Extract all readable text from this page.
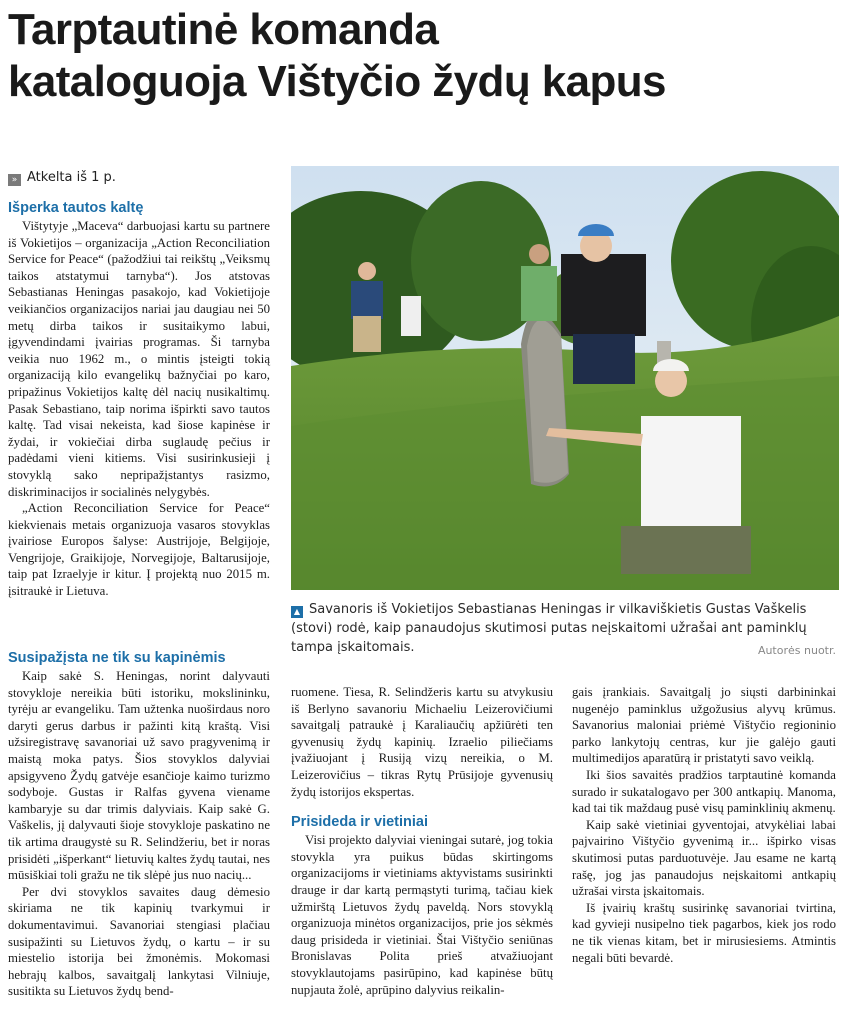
Tarptautinė komanda
kataloguoja Vištyčio žydų kapus
» Atkelta iš 1 p.
Išperka tautos kaltę

Vištytyje „Maceva“ darbuojasi kartu su partnere iš Vokietijos – organizacija „Action Reconciliation Service for Peace“ (pažodžiui tai reikštų „Veiksmų taikos atstatymui tarnyba“). Jos atstovas Sebastianas Heningas pasakojo, kad Vokietijoje veikiančios organizacijos nariai jau daugiau nei 50 metų dirba taikos ir susitaikymo labui, įgyvendindami įvairias programas. Ši tarnyba veikia nuo 1962 m., o mintis įsteigti tokią organizaciją kilo evangelikų bažnyčiai po karo, pripažinus Vokietijos kaltę dėl nacių nusikaltimų. Pasak Sebastiano, taip norima išpirkti savo tautos kaltę. Tad visai nekeista, kad šiose kapinėse ir žydai, ir vokiečiai dirba suglaudę pečius ir padėdami vieni kitiems. Visi susirinkusieji į stovyklą sako nepripažįstantys rasizmo, diskriminacijos ir socialinės nelygybės.

„Action Reconciliation Service for Peace“ kiekvienais metais organizuoja vasaros stovyklas įvairiose Europos šalyse: Austrijoje, Belgijoje, Vengrijoje, Graikijoje, Norvegijoje, Baltarusijoje, taip pat Izraelyje ir kitur. Į projektą nuo 2015 m. įsitraukė ir Lietuva.

Susipažįsta ne tik su kapinėmis

Kaip sakė S. Heningas, norint dalyvauti stovykloje nereikia būti istoriku, mokslininku, tyrėju ar evangeliku. Tam užtenka nuoširdaus noro daryti gerus darbus ir pažinti kitą kraštą. Visi užsiregistravę savanoriai už savo pragyvenimą ir maistą moka patys. Šios stovyklos dalyviai apsigyveno Žydų gatvėje esančioje kaimo turizmo sodyboje. Gustas ir Ralfas gyvena viename kambaryje su dar trimis dalyviais. Kaip sakė G. Vaškelis, jį dalyvauti šioje stovykloje paskatino ne tik artima draugystė su R. Selindžeriu, bet ir noras prisidėti „išperkant“ lietuvių kaltes žydų tautai, nes mūsiškiai toli gražu ne tik slėpė jus nuo nacių...

Per dvi stovyklos savaites daug dėmesio skiriama ne tik kapinių tvarkymui ir dokumentavimui. Savanoriai stengiasi plačiau susipažinti su Lietuvos žydų, o kartu – ir su miestelio istorija bei žmonėmis. Mokomasi hebrajų kalbos, savaitgalį lankytasi Vilniuje, susitikta su Lietuvos žydų bend-

▲ Savanoris iš Vokietijos Sebastianas Heningas ir vilkaviškietis Gustas Vaškelis (stovi) rodė, kaip panaudojus skutimosi putas neįskaitomi užrašai ant paminklų tampa įskaitomais.	Autorės nuotr.

ruomene. Tiesa, R. Selindžeris kartu su atvykusiu iš Berlyno savanoriu Michaeliu Leizerovičiumi savaitgalį patraukė į Karaliaučių apžiūrėti ten gyvenusių žydų kapinių. Izraelio piliečiams įvažiuojant į Rusiją vizų nereikia, o M. Leizerovičius – tikras Rytų Prūsijoje gyvenusių žydų istorijos ekspertas.

Prisideda ir vietiniai

Visi projekto dalyviai vieningai sutarė, jog tokia stovykla yra puikus būdas skirtingoms organizacijoms ir vietiniams aktyvistams susirinkti drauge ir dar kartą permąstyti turimą, tačiau kiek užmirštą Lietuvos žydų paveldą. Nors stovyklą organizuoja minėtos organizacijos, prie jos sėkmės daug prisideda ir vietiniai. Štai Vištyčio seniūnas Bronislavas Polita prieš atvažiuojant stovyklautojams pasirūpino, kad kapinėse būtų nupjauta žolė, aprūpino dalyvius reikalin-

gais įrankiais. Savaitgalį jo siųsti darbininkai nugenėjo paminklus užgožusius alyvų krūmus. Savanorius maloniai priėmė Vištyčio regioninio parko lankytojų centras, kur jie galėjo gauti multimedijos aparatūrą ir pristatyti savo veiklą.

Iki šios savaitės pradžios tarptautinė komanda surado ir sukatalogavo per 300 antkapių. Manoma, kad tai tik maždaug pusė visų paminklinių akmenų.

Kaip sakė vietiniai gyventojai, atvykėliai labai pajvairino Vištyčio gyvenimą ir... išpirko visas skutimosi putas parduotuvėje. Jau esame ne kartą rašę, jog jas panaudojus neįskaitomi antkapių užrašai virsta įskaitomais.

Iš įvairių kraštų susirinkę savanoriai tvirtina, kad gyvieji nusipelno tiek pagarbos, kiek jos rodo ne tik vienas kitam, bet ir mirusiesiems. Atmintis negali būti bevardė.
